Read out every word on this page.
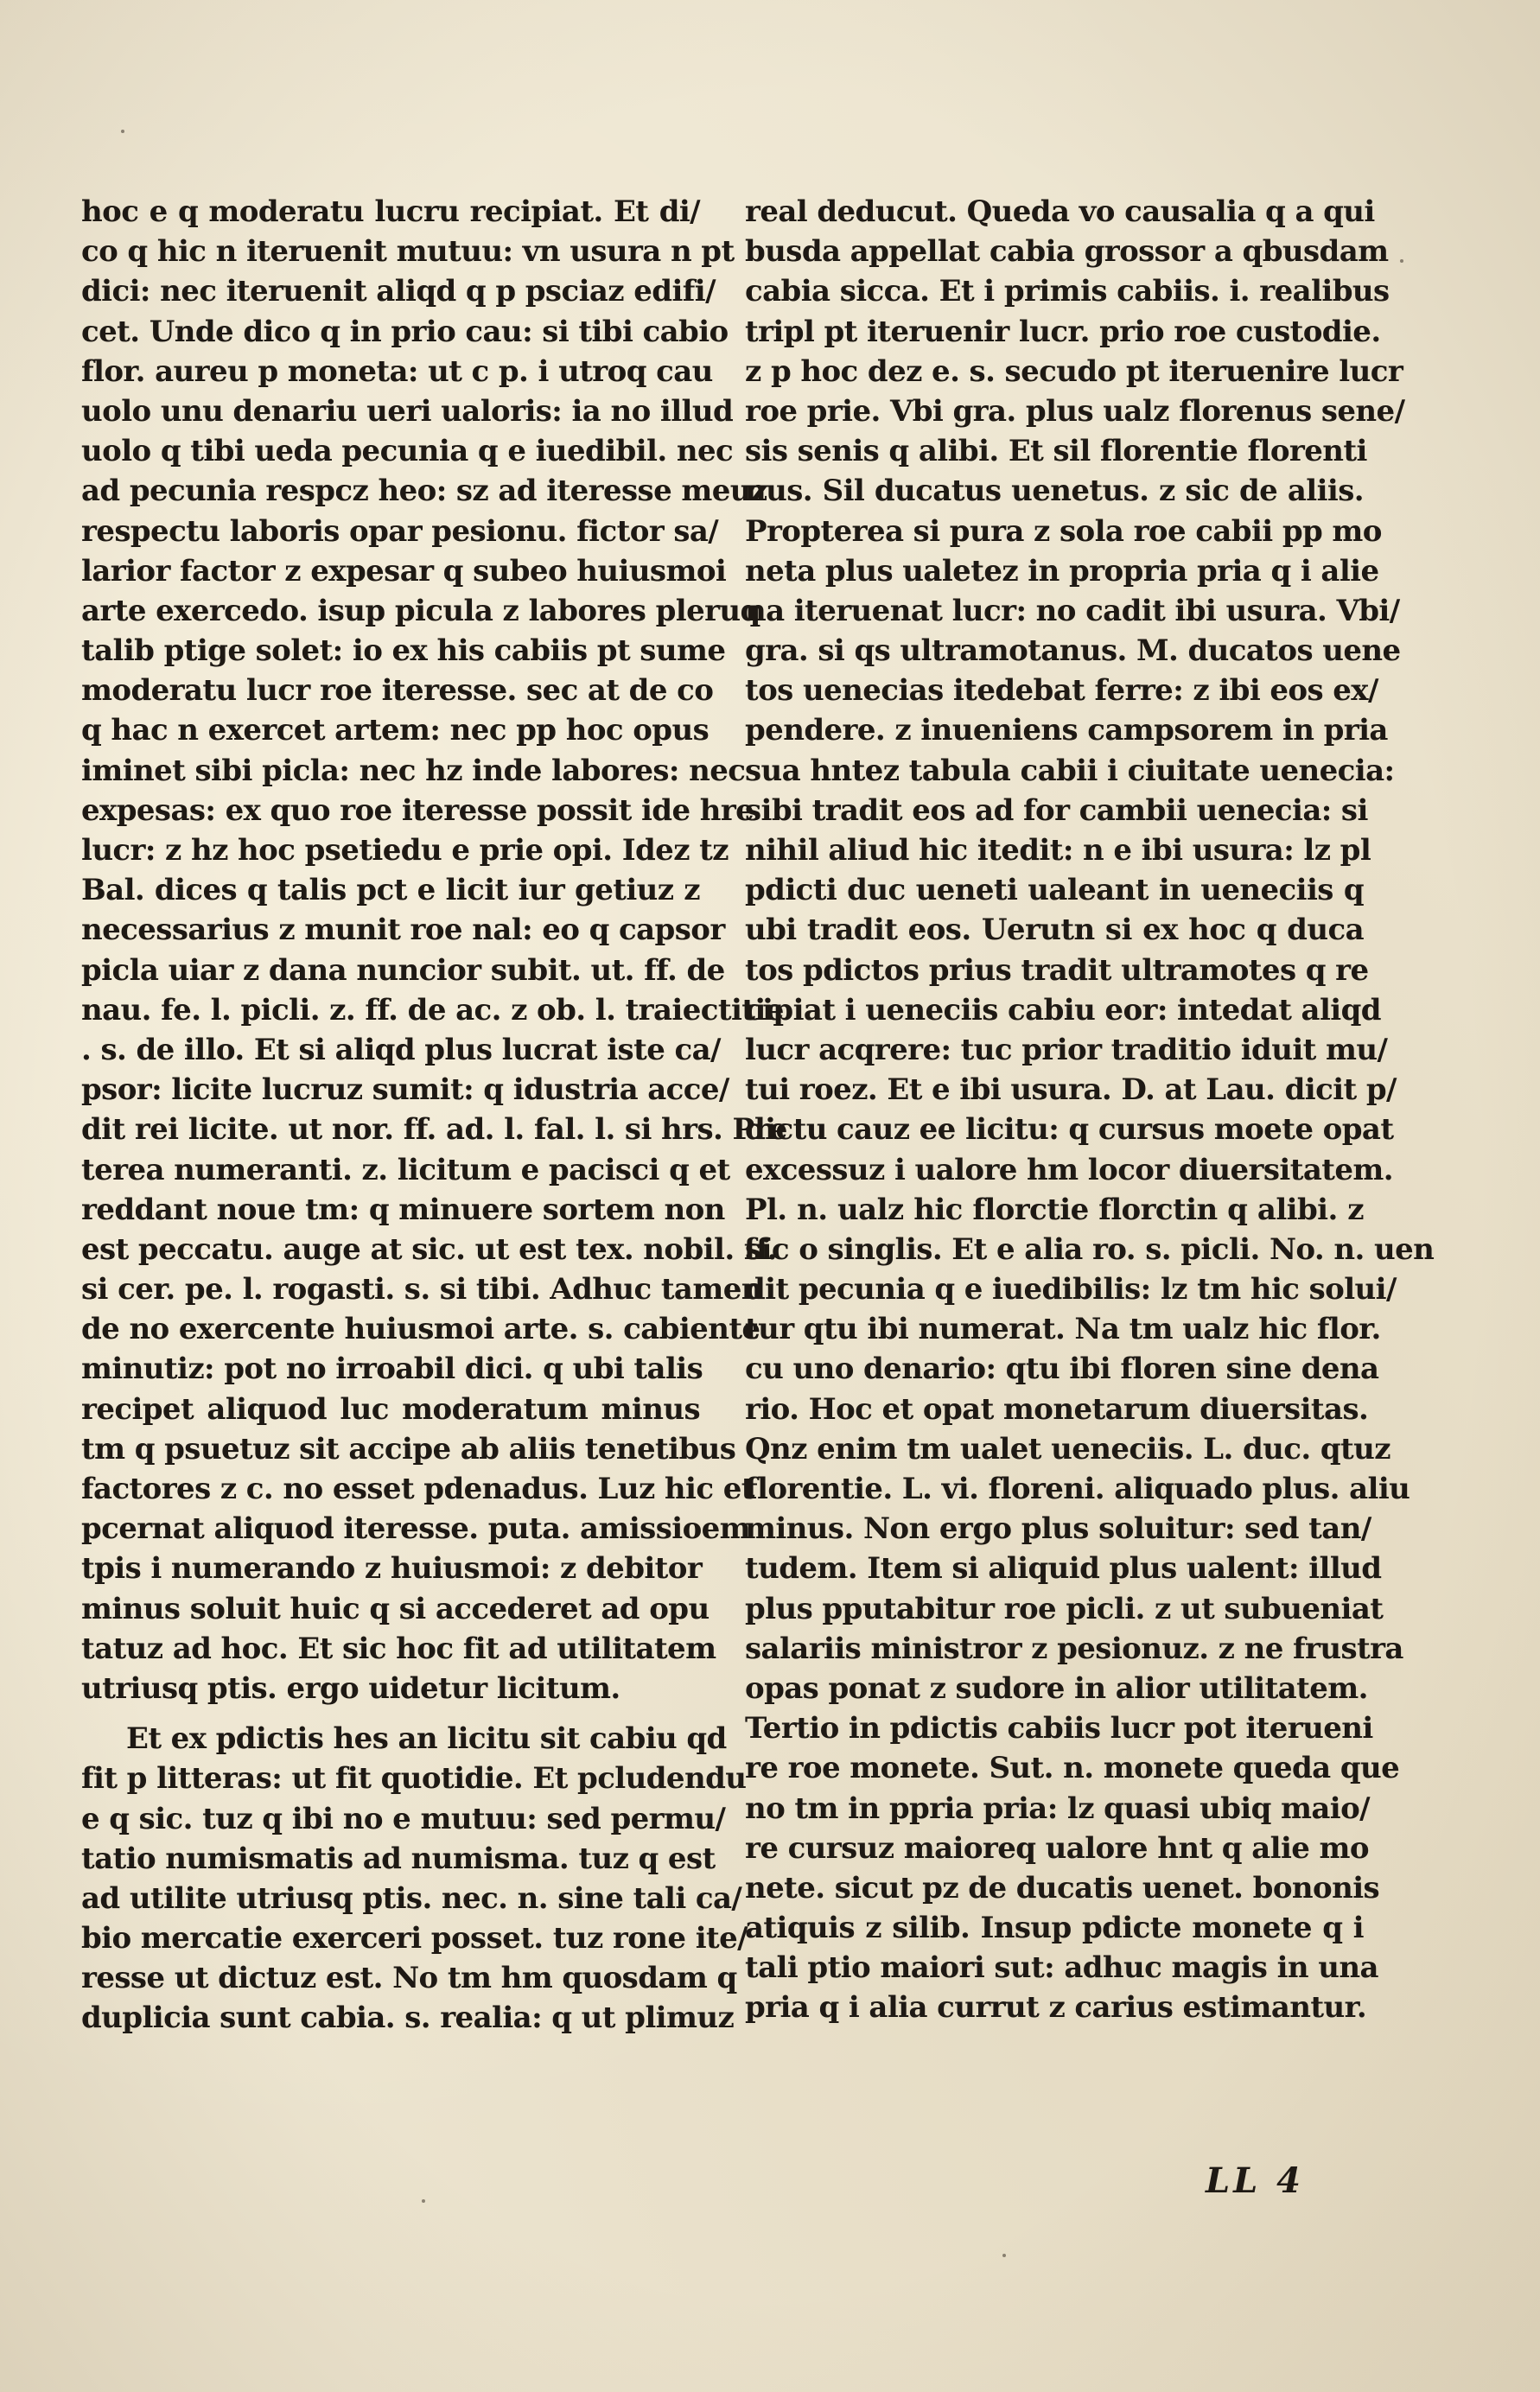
hoc e q moderatu lucru recipiat. Et di/
co q hic n iteruenit mutuu: vn usura n pt
dici: nec iteruenit aliqd q p psciaz edifi/
cet. Unde dico q in prio cau: si tibi cabio
flor. aureu p moneta: ut c p. i utroq cau
uolo unu denariu ueri ualoris: ia no illud
uolo q tibi ueda pecunia q e iuedibil. nec
ad pecunia respcz heo: sz ad iteresse meuz
respectu laboris opar pesionu. fictor sa/
larior factor z expesar q subeo huiusmoi
arte exercedo. isup picula z labores pleruq
talib ptige solet: io ex his cabiis pt sume
moderatu lucr roe iteresse. sec at de co
q hac n exercet artem: nec pp hoc opus
iminet sibi picla: nec hz inde labores: nec
expesas: ex quo roe iteresse possit ide hre
lucr: z hz hoc psetiedu e prie opi. Idez tz
Bal. dices q talis pct e licit iur getiuz z
necessarius z munit roe nal: eo q capsor
picla uiar z dana nuncior subit. ut. ff. de
nau. fe. l. picli. z. ff. de ac. z ob. l. traiectitie
. s. de illo. Et si aliqd plus lucrat iste ca/
psor: licite lucruz sumit: q idustria acce/
dit rei licite. ut nor. ff. ad. l. fal. l. si hrs. Pre
terea numeranti. z. licitum e pacisci q et
reddant noue tm: q minuere sortem non
est peccatu. auge at sic. ut est tex. nobil. ff.
si cer. pe. l. rogasti. s. si tibi. Adhuc tamen
de no exercente huiusmoi arte. s. cabiente
minutiz: pot no irroabil dici. q ubi talis
recipet aliquod luc moderatum minus
tm q psuetuz sit accipe ab aliis tenetibus
factores z c. no esset pdenadus. Luz hic et
pcernat aliquod iteresse. puta. amissioem
tpis i numerando z huiusmoi: z debitor
minus soluit huic q si accederet ad opu
tatuz ad hoc. Et sic hoc fit ad utilitatem
utriusq ptis. ergo uidetur licitum.
Et ex pdictis hes an licitu sit cabiu qd
fit p litteras: ut fit quotidie. Et pcludendu
e q sic. tuz q ibi no e mutuu: sed permu/
tatio numismatis ad numisma. tuz q est
ad utilite utriusq ptis. nec. n. sine tali ca/
bio mercatie exerceri posset. tuz rone ite/
resse ut dictuz est. No tm hm quosdam q
duplicia sunt cabia. s. realia: q ut plimuz
real deducut. Queda vo causalia q a qui
busda appellat cabia grossor a qbusdam
cabia sicca. Et i primis cabiis. i. realibus
tripl pt iteruenir lucr. prio roe custodie.
z p hoc dez e. s. secudo pt iteruenire lucr
roe prie. Vbi gra. plus ualz florenus sene/
sis senis q alibi. Et sil florentie florenti
nus. Sil ducatus uenetus. z sic de aliis.
Propterea si pura z sola roe cabii pp mo
neta plus ualetez in propria pria q i alie
na iteruenat lucr: no cadit ibi usura. Vbi/
gra. si qs ultramotanus. M. ducatos uene
tos uenecias itedebat ferre: z ibi eos ex/
pendere. z inueniens campsorem in pria
sua hntez tabula cabii i ciuitate uenecia:
sibi tradit eos ad for cambii uenecia: si
nihil aliud hic itedit: n e ibi usura: lz pl
pdicti duc ueneti ualeant in ueneciis q
ubi tradit eos. Uerutn si ex hoc q duca
tos pdictos prius tradit ultramotes q re
cipiat i ueneciis cabiu eor: intedat aliqd
lucr acqrere: tuc prior traditio iduit mu/
tui roez. Et e ibi usura. D. at Lau. dicit p/
dictu cauz ee licitu: q cursus moete opat
excessuz i ualore hm locor diuersitatem.
Pl. n. ualz hic florctie florctin q alibi. z
sic o singlis. Et e alia ro. s. picli. No. n. uen
dit pecunia q e iuedibilis: lz tm hic solui/
tur qtu ibi numerat. Na tm ualz hic flor.
cu uno denario: qtu ibi floren sine dena
rio. Hoc et opat monetarum diuersitas.
Qnz enim tm ualet ueneciis. L. duc. qtuz
florentie. L. vi. floreni. aliquado plus. aliu
minus. Non ergo plus soluitur: sed tan/
tudem. Item si aliquid plus ualent: illud
plus pputabitur roe picli. z ut subueniat
salariis ministror z pesionuz. z ne frustra
opas ponat z sudore in alior utilitatem.
Tertio in pdictis cabiis lucr pot iterueni
re roe monete. Sut. n. monete queda que
no tm in ppria pria: lz quasi ubiq maio/
re cursuz maioreq ualore hnt q alie mo
nete. sicut pz de ducatis uenet. bononis
atiquis z silib. Insup pdicte monete q i
tali ptio maiori sut: adhuc magis in una
pria q i alia currut z carius estimantur.
LL 4
